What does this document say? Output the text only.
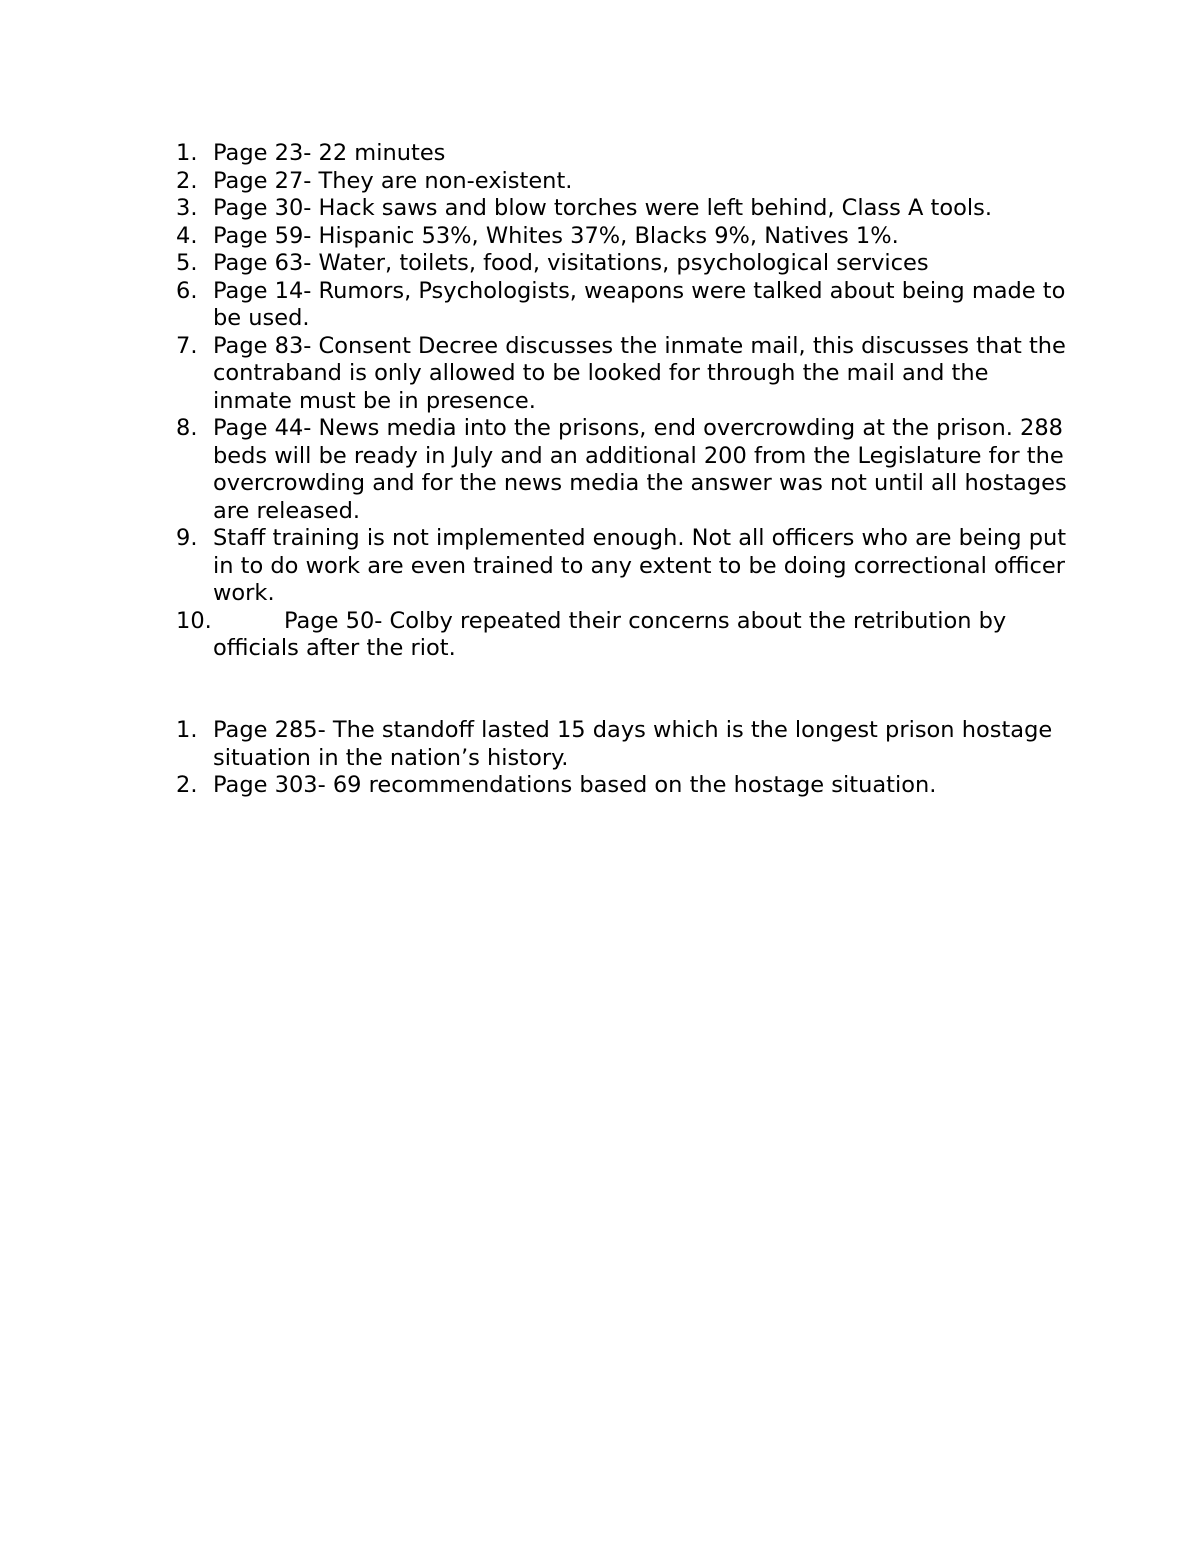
1. Page 23- 22 minutes
2. Page 27- They are non-existent.
3. Page 30- Hack saws and blow torches were left behind, Class A tools.
4. Page 59- Hispanic 53%, Whites 37%, Blacks 9%, Natives 1%.
5. Page 63- Water, toilets, food, visitations, psychological services
6. Page 14- Rumors, Psychologists, weapons were talked about being made to be used.
7. Page 83- Consent Decree discusses the inmate mail, this discusses that the contraband is only allowed to be looked for through the mail and the inmate must be in presence.
8. Page 44- News media into the prisons, end overcrowding at the prison. 288 beds will be ready in July and an additional 200 from the Legislature for the overcrowding and for the news media the answer was not until all hostages are released.
9. Staff training is not implemented enough. Not all officers who are being put in to do work are even trained to any extent to be doing correctional officer work.
10.	Page 50- Colby repeated their concerns about the retribution by officials after the riot.
1. Page 285- The standoff lasted 15 days which is the longest prison hostage situation in the nation’s history.
2. Page 303- 69 recommendations based on the hostage situation.
